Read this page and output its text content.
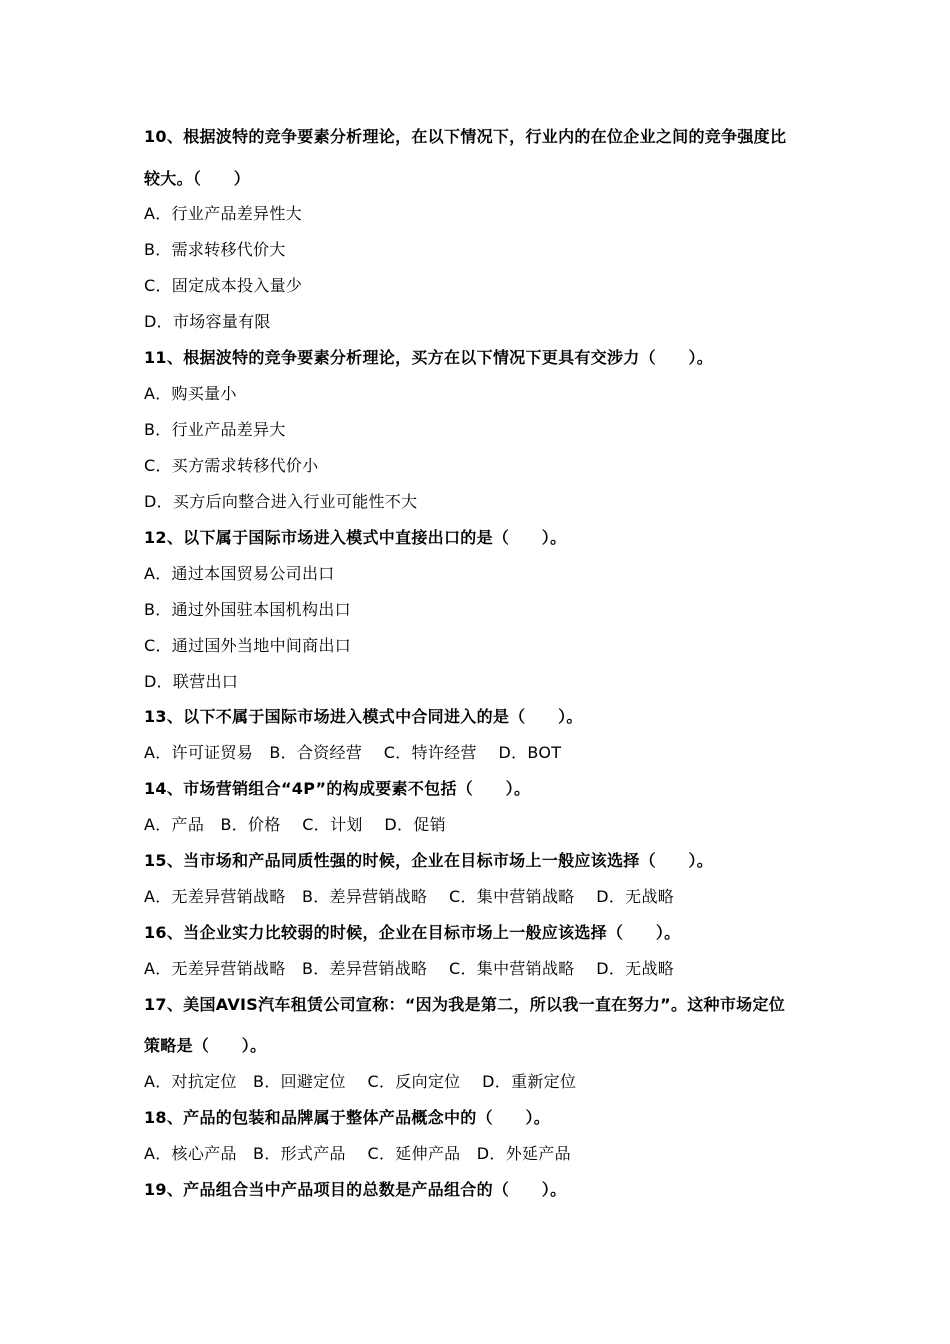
10、根据波特的竞争要素分析理论，在以下情况下，行业内的在位企业之间的竞争强度比
较大。（　　）
A．行业产品差异性大
B．需求转移代价大
C．固定成本投入量少
D．市场容量有限
11、根据波特的竞争要素分析理论，买方在以下情况下更具有交涉力（　　）。
A．购买量小
B．行业产品差异大
C．买方需求转移代价小
D．买方后向整合进入行业可能性不大
12、以下属于国际市场进入模式中直接出口的是（　　）。
A．通过本国贸易公司出口
B．通过外国驻本国机构出口
C．通过国外当地中间商出口
D．联营出口
13、以下不属于国际市场进入模式中合同进入的是（　　）。
A．许可证贸易　B．合资经营　 C．特许经营　 D．BOT
14、市场营销组合“4P”的构成要素不包括（　　）。
A．产品　B．价格　 C．计划　 D．促销
15、当市场和产品同质性强的时候，企业在目标市场上一般应该选择（　　）。
A．无差异营销战略　B．差异营销战略　 C．集中营销战略　 D．无战略
16、当企业实力比较弱的时候，企业在目标市场上一般应该选择（　　）。
A．无差异营销战略　B．差异营销战略　 C．集中营销战略　 D．无战略
17、美国AVIS汽车租赁公司宣称：“因为我是第二，所以我一直在努力”。这种市场定位
策略是（　　）。
A．对抗定位　B．回避定位　 C．反向定位　 D．重新定位
18、产品的包装和品牌属于整体产品概念中的（　　）。
A．核心产品　B．形式产品　 C．延伸产品　D．外延产品
19、产品组合当中产品项目的总数是产品组合的（　　）。
